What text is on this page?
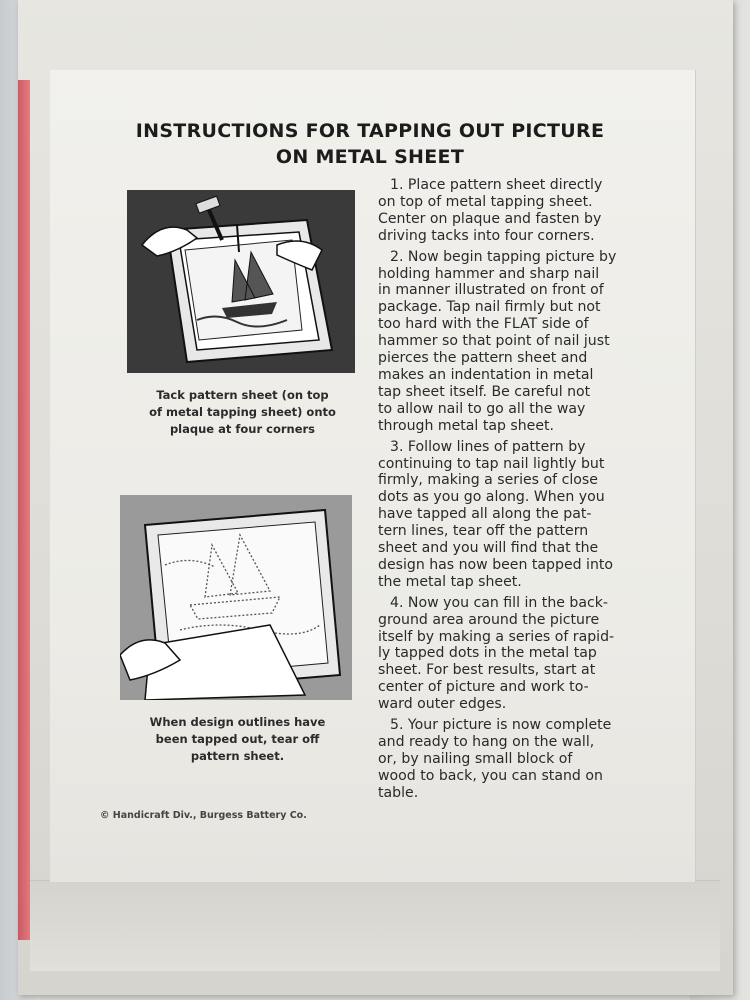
INSTRUCTIONS FOR TAPPING OUT PICTURE
ON METAL SHEET
Tack pattern sheet (on top
of metal tapping sheet) onto
plaque at four corners
When design outlines have
been tapped out, tear off
pattern sheet.
© Handicraft Div., Burgess Battery Co.
1. Place pattern sheet directly
on top of metal tapping sheet.
Center on plaque and fasten by
driving tacks into four corners.
2. Now begin tapping picture by
holding hammer and sharp nail
in manner illustrated on front of
package. Tap nail firmly but not
too hard with the FLAT side of
hammer so that point of nail just
pierces the pattern sheet and
makes an indentation in metal
tap sheet itself. Be careful not
to allow nail to go all the way
through metal tap sheet.
3. Follow lines of pattern by
continuing to tap nail lightly but
firmly, making a series of close
dots as you go along. When you
have tapped all along the pat-
tern lines, tear off the pattern
sheet and you will find that the
design has now been tapped into
the metal tap sheet.
4. Now you can fill in the back-
ground area around the picture
itself by making a series of rapid-
ly tapped dots in the metal tap
sheet. For best results, start at
center of picture and work to-
ward outer edges.
5. Your picture is now complete
and ready to hang on the wall,
or, by nailing small block of
wood to back, you can stand on
table.
